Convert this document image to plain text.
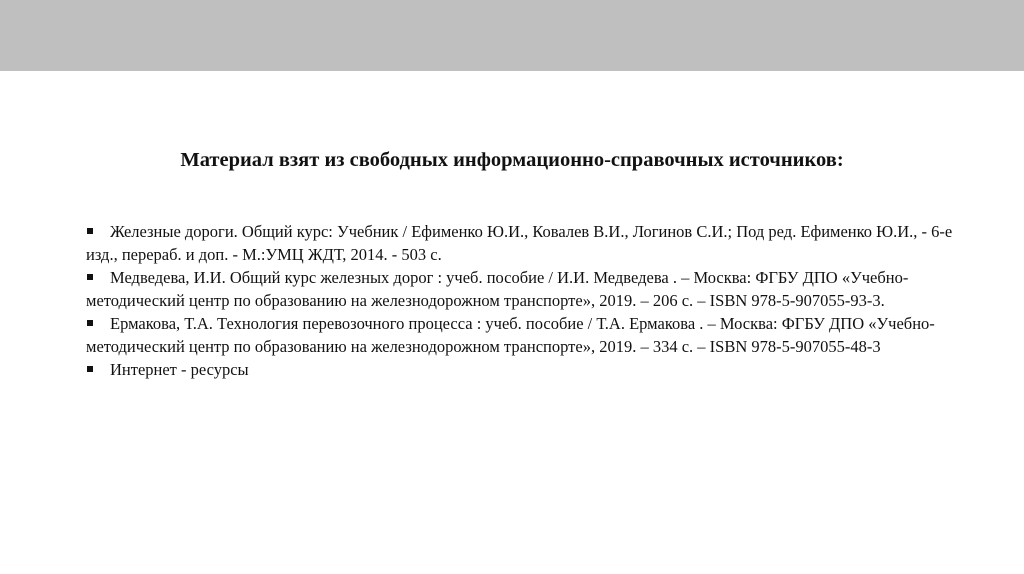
Материал взят из свободных информационно-справочных источников:
Железные дороги. Общий курс: Учебник / Ефименко Ю.И., Ковалев В.И., Логинов С.И.; Под ред. Ефименко Ю.И., - 6-е изд., перераб. и доп. - М.:УМЦ ЖДТ, 2014. - 503 с.
Медведева, И.И. Общий курс железных дорог : учеб. пособие / И.И. Медведева . – Москва: ФГБУ ДПО «Учебно-методический центр по образованию на железнодорожном транспорте», 2019. – 206 с. – ISBN 978-5-907055-93-3.
Ермакова, Т.А. Технология перевозочного процесса : учеб. пособие / Т.А. Ермакова . – Москва: ФГБУ ДПО «Учебно-методический центр по образованию на железнодорожном транспорте», 2019. – 334 с. – ISBN 978-5-907055-48-3
Интернет - ресурсы
